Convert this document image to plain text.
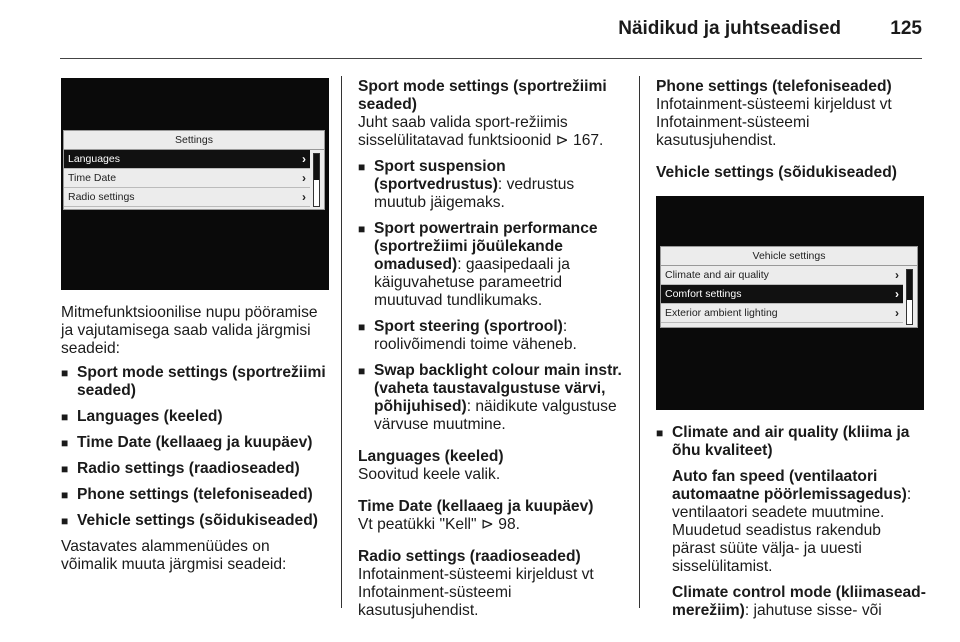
Näidikud ja juhtseadised	125
Settings
Languages	›
Time Date	›
Radio settings	›
Mitmefunktsioonilise nupu pööramise ja vajutamisega saab valida järgmisi seadeid:
■ Sport mode settings (sportrežiimi seaded)
■ Languages (keeled)
■ Time Date (kellaaeg ja kuupäev)
■ Radio settings (raadioseaded)
■ Phone settings (telefoniseaded)
■ Vehicle settings (sõidukiseaded)
Vastavates alammenüüdes on võimalik muuta järgmisi seadeid:
Sport mode settings (sportrežiimi seaded)
Juht saab valida sport-režiimis sisselülitatavad funktsioonid ⊳ 167.
■ Sport suspension (sportvedrustus): vedrustus muutub jäigemaks.
■ Sport powertrain performance (sportrežiimi jõuülekande omadused): gaasipedaali ja käiguvahetuse parameetrid muutuvad tundlikumaks.
■ Sport steering (sportrool): roolivõimendi toime väheneb.
■ Swap backlight colour main instr. (vaheta taustavalgustuse värvi, põhijuhised): näidikute valgustuse värvuse muutmine.
Languages (keeled)
Soovitud keele valik.
Time Date (kellaaeg ja kuupäev)
Vt peatükki "Kell" ⊳ 98.
Radio settings (raadioseaded)
Infotainment-süsteemi kirjeldust vt Infotainment-süsteemi kasutusjuhendist.
Phone settings (telefoniseaded)
Infotainment-süsteemi kirjeldust vt Infotainment-süsteemi kasutusjuhendist.
Vehicle settings (sõidukiseaded)
Vehicle settings
Climate and air quality	›
Comfort settings	›
Exterior ambient lighting	›
■ Climate and air quality (kliima ja õhu kvaliteet)
Auto fan speed (ventilaatori automaatne pöörlemissagedus): ventilaatori seadete muutmine. Muudetud seadistus rakendub pärast süüte välja- ja uuesti sisselülitamist.
Climate control mode (kliimasead-merežiim): jahutuse sisse- või
